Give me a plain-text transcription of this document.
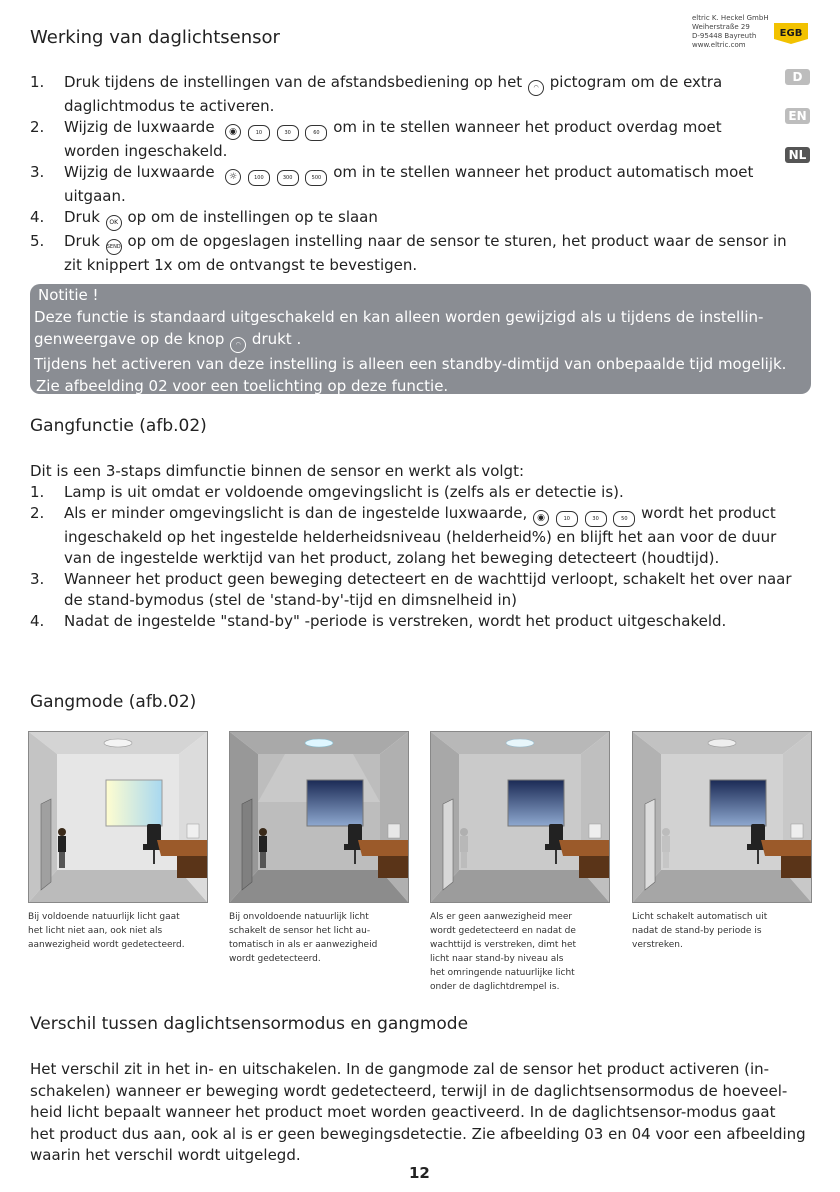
Werking van daglichtsensor
eltric K. Heckel GmbH
Weiherstraße 29
D-95448 Bayreuth
www.eltric.com
EGB
D
EN
NL
1. Druk tijdens de instellingen van de afstandsbediening op het ◠ pictogram om de extra
daglichtmodus te activeren.
2. Wijzig de luxwaarde ◉	10	30	60 om in te stellen wanneer het product overdag moet
worden ingeschakeld.
3. Wijzig de luxwaarde ☼	100	300	500 om in te stellen wanneer het product automatisch moet
uitgaan.
4. Druk OK op om de instellingen op te slaan
5. Druk SEND op om de opgeslagen instelling naar de sensor te sturen, het product waar de sensor in
zit knippert 1x om de ontvangst te bevestigen.
Notitie !
Deze functie is standaard uitgeschakeld en kan alleen worden gewijzigd als u tijdens de instellin-
genweergave op de knop ◠ drukt .
Tijdens het activeren van deze instelling is alleen een standby-dimtijd van onbepaalde tijd mogelijk.
Zie afbeelding 02 voor een toelichting op deze functie.
Gangfunctie (afb.02)

Dit is een 3-staps dimfunctie binnen de sensor en werkt als volgt:

1. Lamp is uit omdat er voldoende omgevingslicht is (zelfs als er detectie is).
2. Als er minder omgevingslicht is dan de ingestelde luxwaarde, ◉	10	30	50 wordt het product
ingeschakeld op het ingestelde helderheidsniveau (helderheid%) en blijft het aan voor de duur
van de ingestelde werktijd van het product, zolang het beweging detecteert (houdtijd).
3. Wanneer het product geen beweging detecteert en de wachttijd verloopt, schakelt het over naar
de stand-bymodus (stel de 'stand-by'-tijd en dimsnelheid in)
4. Nadat de ingestelde "stand-by" -periode is verstreken, wordt het product uitgeschakeld.
Gangmode (afb.02)
Bij voldoende natuurlijk licht gaat
het licht niet aan, ook niet als
aanwezigheid wordt gedetecteerd.
Bij onvoldoende natuurlijk licht
schakelt de sensor het licht au-
tomatisch in als er aanwezigheid
wordt gedetecteerd.
Als er geen aanwezigheid meer
wordt gedetecteerd en nadat de
wachttijd is verstreken, dimt het
licht naar stand-by niveau als
het omringende natuurlijke licht
onder de daglichtdrempel is.
Licht schakelt automatisch uit
nadat de stand-by periode is
verstreken.
Verschil tussen daglichtsensormodus en gangmode
Het verschil zit in het in- en uitschakelen. In de gangmode zal de sensor het product activeren (in-
schakelen) wanneer er beweging wordt gedetecteerd, terwijl in de daglichtsensormodus de hoeveel-
heid licht bepaalt wanneer het product moet worden geactiveerd. In de daglichtsensor-modus gaat
het product dus aan, ook al is er geen bewegingsdetectie. Zie afbeelding 03 en 04 voor een afbeelding
waarin het verschil wordt uitgelegd.
12
